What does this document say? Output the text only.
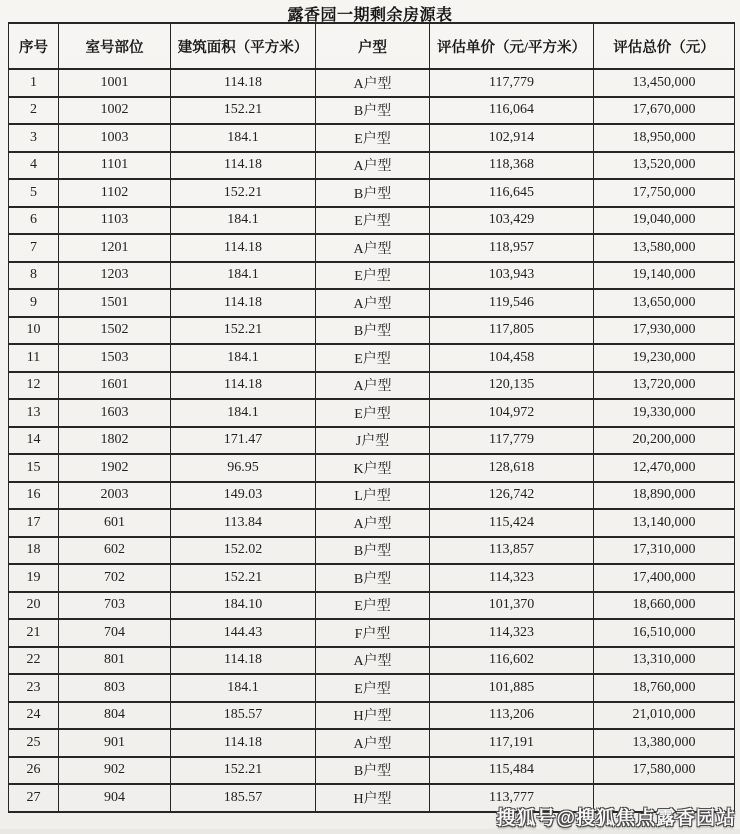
露香园一期剩余房源表
序号	室号部位	建筑面积（平方米）	户型	评估单价（元/平方米）	评估总价（元）
1	1001	114.18	A户型	117,779	13,450,000
2	1002	152.21	B户型	116,064	17,670,000
3	1003	184.1	E户型	102,914	18,950,000
4	1101	114.18	A户型	118,368	13,520,000
5	1102	152.21	B户型	116,645	17,750,000
6	1103	184.1	E户型	103,429	19,040,000
7	1201	114.18	A户型	118,957	13,580,000
8	1203	184.1	E户型	103,943	19,140,000
9	1501	114.18	A户型	119,546	13,650,000
10	1502	152.21	B户型	117,805	17,930,000
11	1503	184.1	E户型	104,458	19,230,000
12	1601	114.18	A户型	120,135	13,720,000
13	1603	184.1	E户型	104,972	19,330,000
14	1802	171.47	J户型	117,779	20,200,000
15	1902	96.95	K户型	128,618	12,470,000
16	2003	149.03	L户型	126,742	18,890,000
17	601	113.84	A户型	115,424	13,140,000
18	602	152.02	B户型	113,857	17,310,000
19	702	152.21	B户型	114,323	17,400,000
20	703	184.10	E户型	101,370	18,660,000
21	704	144.43	F户型	114,323	16,510,000
22	801	114.18	A户型	116,602	13,310,000
23	803	184.1	E户型	101,885	18,760,000
24	804	185.57	H户型	113,206	21,010,000
25	901	114.18	A户型	117,191	13,380,000
26	902	152.21	B户型	115,484	17,580,000
27	904	185.57	H户型	113,777	
搜狐号@搜狐焦点露香园站
